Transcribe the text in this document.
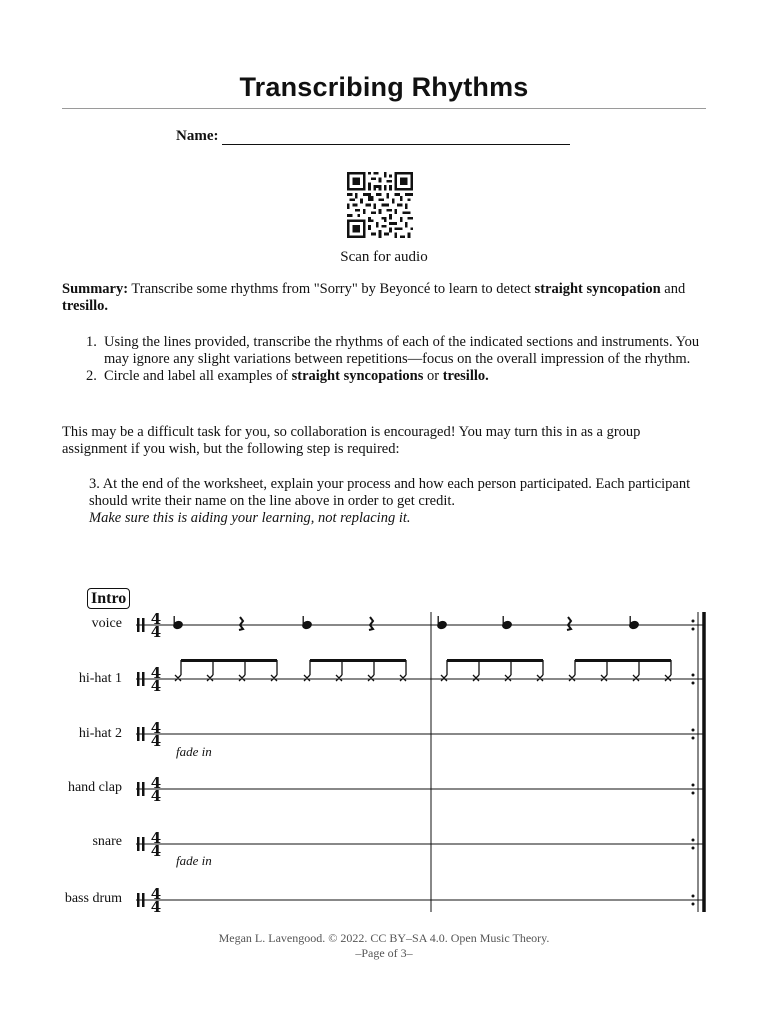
Transcribing Rhythms
Name:
Scan for audio
Summary: Transcribe some rhythms from "Sorry" by Beyoncé to learn to detect straight syncopation and tresillo.
1. Using the lines provided, transcribe the rhythms of each of the indicated sections and instruments. You may ignore any slight variations between repetitions—focus on the overall impression of the rhythm.
2. Circle and label all examples of straight syncopations or tresillo.
This may be a difficult task for you, so collaboration is encouraged! You may turn this in as a group assignment if you wish, but the following step is required:
3. At the end of the worksheet, explain your process and how each person participated. Each participant should write their name on the line above in order to get credit.
Make sure this is aiding your learning, not replacing it.
Intro
voice
hi-hat 1
hi-hat 2
hand clap
snare
bass drum
fade in
fade in
4
4
4
4
4
4
4
4
4
4
4
4
Megan L. Lavengood. © 2022. CC BY–SA 4.0. Open Music Theory.
–Page of 3–
